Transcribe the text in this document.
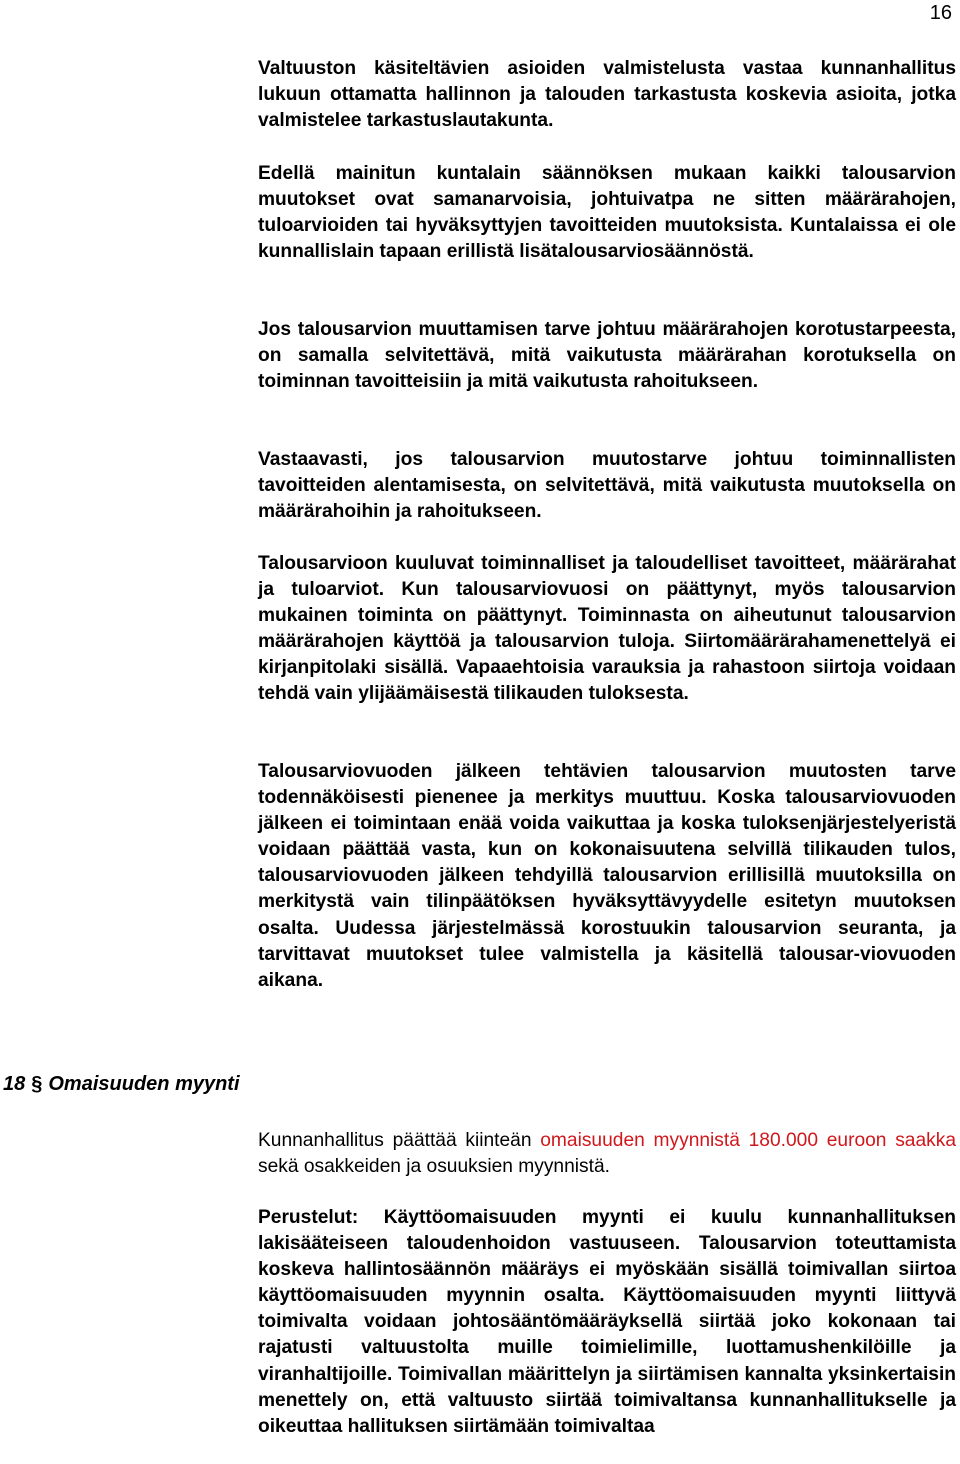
16

Valtuuston käsiteltävien asioiden valmistelusta vastaa kunnanhallitus lukuun ottamatta hallinnon ja talouden tarkastusta koskevia asioita, jotka valmistelee tarkastuslautakunta.

Edellä mainitun kuntalain säännöksen mukaan kaikki talousarvion muutokset ovat samanarvoisia, johtuivatpa ne sitten määrärahojen, tuloarvioiden tai hyväksyttyjen tavoitteiden muutoksista. Kuntalaissa ei ole kunnallislain tapaan erillistä lisätalousarviosäännöstä.

Jos talousarvion muuttamisen tarve johtuu määrärahojen korotustarpeesta, on samalla selvitettävä, mitä vaikutusta määrärahan korotuksella on toiminnan tavoitteisiin ja mitä vaikutusta rahoitukseen.

Vastaavasti, jos talousarvion muutostarve johtuu toiminnallisten tavoitteiden alentamisesta, on selvitettävä, mitä vaikutusta muutoksella on määrärahoihin ja rahoitukseen.

Talousarvioon kuuluvat toiminnalliset ja taloudelliset tavoitteet, määrärahat ja tuloarviot. Kun talousarviovuosi on päättynyt, myös talousarvion mukainen toiminta on päättynyt. Toiminnasta on aiheutunut talousarvion määrärahojen käyttöä ja talousarvion tuloja. Siirtomäärärahamenettelyä ei kirjanpitolaki sisällä. Vapaaehtoisia varauksia ja rahastoon siirtoja voidaan tehdä vain ylijäämäisestä tilikauden tuloksesta.

Talousarviovuoden jälkeen tehtävien talousarvion muutosten tarve todennäköisesti pienenee ja merkitys muuttuu. Koska talousarviovuoden jälkeen ei toimintaan enää voida vaikuttaa ja koska tuloksenjärjestelyeristä voidaan päättää vasta, kun on kokonaisuutena selvillä tilikauden tulos, talousarviovuoden jälkeen tehdyillä talousarvion erillisillä muutoksilla on merkitystä vain tilinpäätöksen hyväksyttävyydelle esitetyn muutoksen osalta. Uudessa järjestelmässä korostuukin talousarvion seuranta, ja tarvittavat muutokset tulee valmistella ja käsitellä talousar-viovuoden aikana.

18 § Omaisuuden myynti

Kunnanhallitus päättää kiinteän omaisuuden myynnistä 180.000 euroon saakka sekä osakkeiden ja osuuksien myynnistä.

Perustelut: Käyttöomaisuuden myynti ei kuulu kunnanhallituksen lakisääteiseen taloudenhoidon vastuuseen. Talousarvion toteuttamista koskeva hallintosäännön määräys ei myöskään sisällä toimivallan siirtoa käyttöomaisuuden myynnin osalta. Käyttöomaisuuden myynti liittyvä toimivalta voidaan johtosääntömääräyksellä siirtää joko kokonaan tai rajatusti valtuustolta muille toimielimille, luottamushenkilöille ja viranhaltijoille. Toimivallan määrittelyn ja siirtämisen kannalta yksinkertaisin menettely on, että valtuusto siirtää toimivaltansa kunnanhallitukselle ja oikeuttaa hallituksen siirtämään toimivaltaa
